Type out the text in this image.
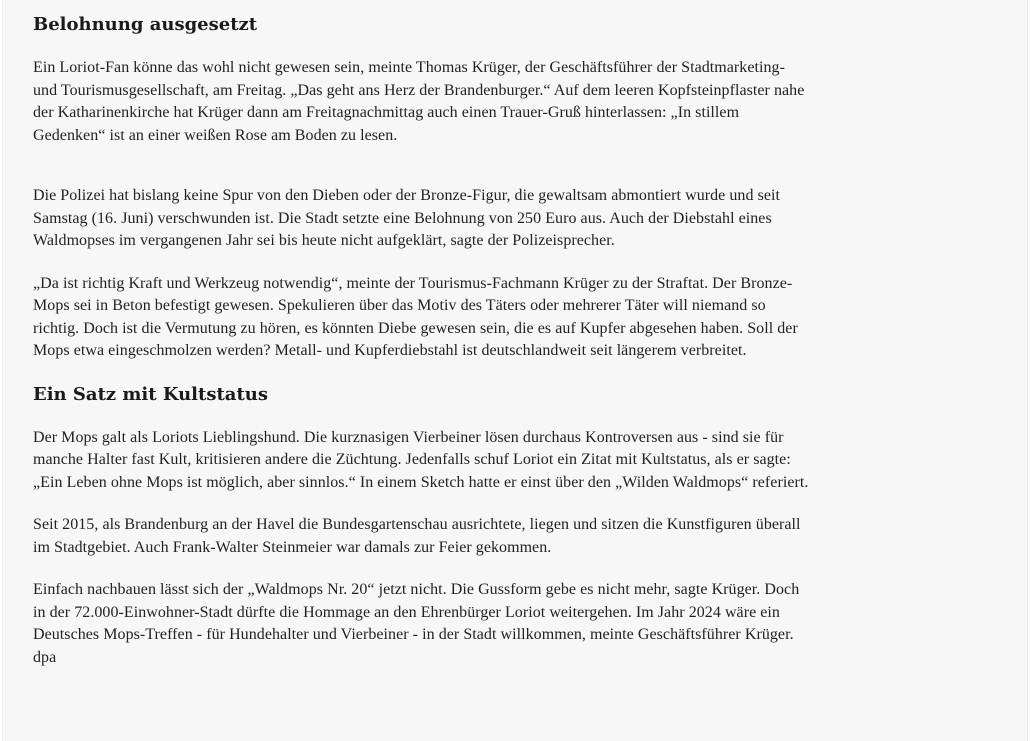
Belohnung ausgesetzt

Ein Loriot-Fan könne das wohl nicht gewesen sein, meinte Thomas Krüger, der Geschäftsführer der Stadtmarketing- und Tourismusgesellschaft, am Freitag. „Das geht ans Herz der Brandenburger.“ Auf dem leeren Kopfsteinpflaster nahe der Katharinenkirche hat Krüger dann am Freitagnachmittag auch einen Trauer-Gruß hinterlassen: „In stillem Gedenken“ ist an einer weißen Rose am Boden zu lesen.

Die Polizei hat bislang keine Spur von den Dieben oder der Bronze-Figur, die gewaltsam abmontiert wurde und seit Samstag (16. Juni) verschwunden ist. Die Stadt setzte eine Belohnung von 250 Euro aus. Auch der Diebstahl eines Waldmopses im vergangenen Jahr sei bis heute nicht aufgeklärt, sagte der Polizeisprecher.

„Da ist richtig Kraft und Werkzeug notwendig“, meinte der Tourismus-Fachmann Krüger zu der Straftat. Der Bronze-Mops sei in Beton befestigt gewesen. Spekulieren über das Motiv des Täters oder mehrerer Täter will niemand so richtig. Doch ist die Vermutung zu hören, es könnten Diebe gewesen sein, die es auf Kupfer abgesehen haben. Soll der Mops etwa eingeschmolzen werden? Metall- und Kupferdiebstahl ist deutschlandweit seit längerem verbreitet.

Ein Satz mit Kultstatus

Der Mops galt als Loriots Lieblingshund. Die kurznasigen Vierbeiner lösen durchaus Kontroversen aus - sind sie für manche Halter fast Kult, kritisieren andere die Züchtung. Jedenfalls schuf Loriot ein Zitat mit Kultstatus, als er sagte: „Ein Leben ohne Mops ist möglich, aber sinnlos.“ In einem Sketch hatte er einst über den „Wilden Waldmops“ referiert.

Seit 2015, als Brandenburg an der Havel die Bundesgartenschau ausrichtete, liegen und sitzen die Kunstfiguren überall im Stadtgebiet. Auch Frank-Walter Steinmeier war damals zur Feier gekommen.

Einfach nachbauen lässt sich der „Waldmops Nr. 20“ jetzt nicht. Die Gussform gebe es nicht mehr, sagte Krüger. Doch in der 72.000-Einwohner-Stadt dürfte die Hommage an den Ehrenbürger Loriot weitergehen. Im Jahr 2024 wäre ein Deutsches Mops-Treffen - für Hundehalter und Vierbeiner - in der Stadt willkommen, meinte Geschäftsführer Krüger. dpa
